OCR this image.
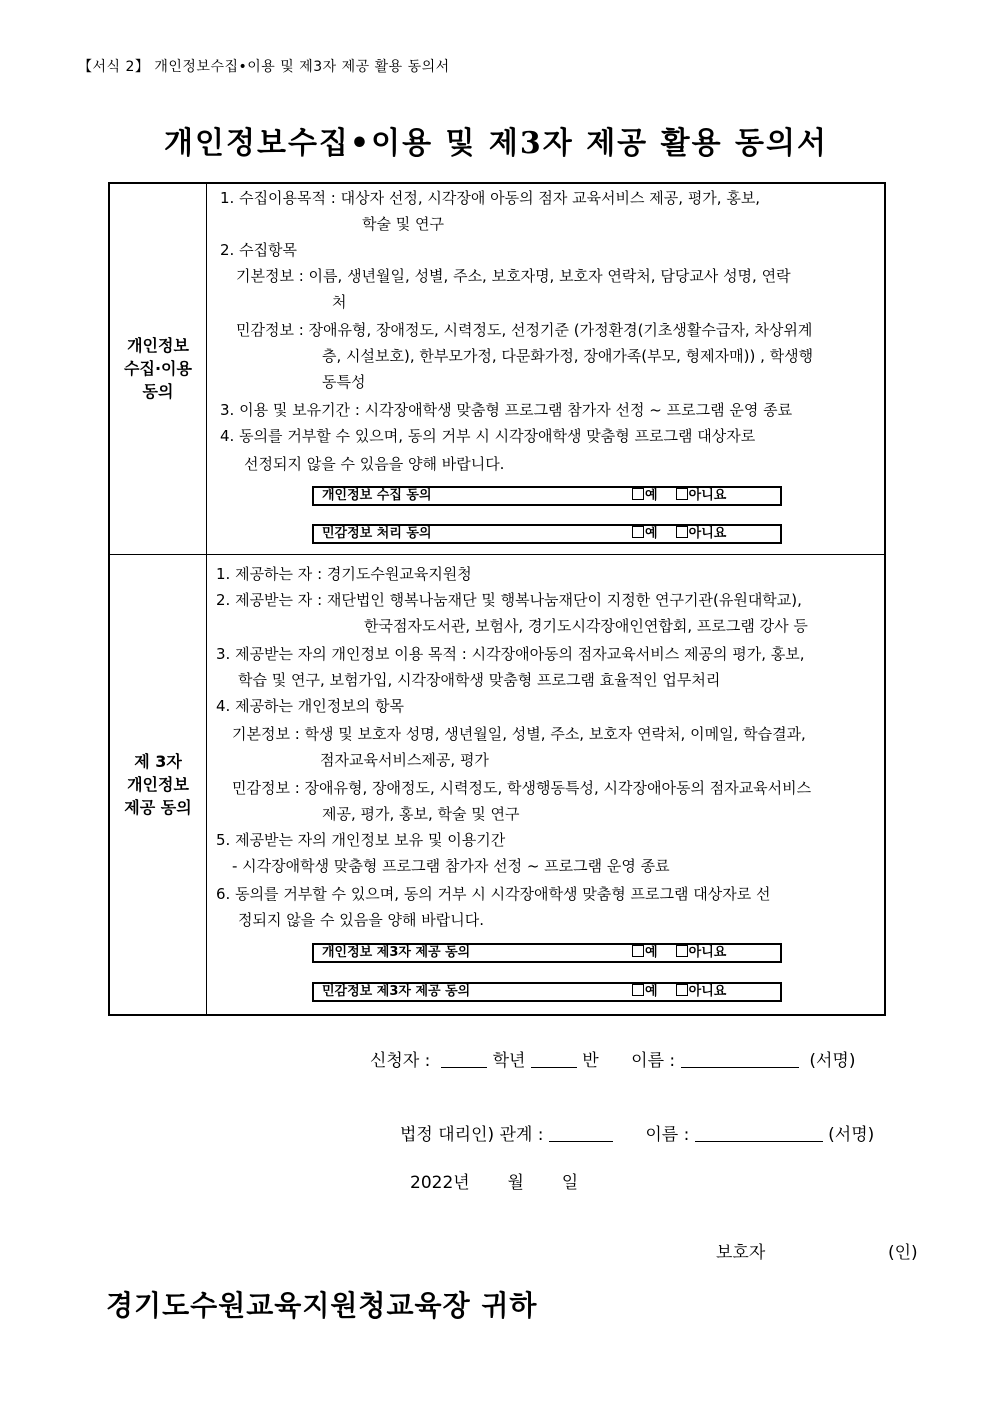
【서식 2】 개인정보수집•이용 및 제3자 제공 활용 동의서
개인정보수집•이용 및 제3자 제공 활용 동의서
개인정보
수집·이용
동의
1. 수집이용목적 : 대상자 선정, 시각장애 아동의 점자 교육서비스 제공, 평가, 홍보,
학술 및 연구
2. 수집항목
기본정보 : 이름, 생년월일, 성별, 주소, 보호자명, 보호자 연락처, 담당교사 성명, 연락
처
민감정보 : 장애유형, 장애정도, 시력정도, 선정기준 (가정환경(기초생활수급자, 차상위계
층, 시설보호), 한부모가정, 다문화가정, 장애가족(부모, 형제자매)) , 학생행
동특성
3. 이용 및 보유기간 : 시각장애학생 맞춤형 프로그램 참가자 선정 ~ 프로그램 운영 종료
4. 동의를 거부할 수 있으며, 동의 거부 시 시각장애학생 맞춤형 프로그램 대상자로
선정되지 않을 수 있음을 양해 바랍니다.
개인정보 수집 동의	예 아니요
민감정보 처리 동의	예 아니요
제 3자
개인정보
제공 동의
1. 제공하는 자 : 경기도수원교육지원청
2. 제공받는 자 : 재단법인 행복나눔재단 및 행복나눔재단이 지정한 연구기관(유원대학교),
한국점자도서관, 보험사, 경기도시각장애인연합회, 프로그램 강사 등
3. 제공받는 자의 개인정보 이용 목적 : 시각장애아동의 점자교육서비스 제공의 평가, 홍보,
학습 및 연구, 보험가입, 시각장애학생 맞춤형 프로그램 효율적인 업무처리
4. 제공하는 개인정보의 항목
기본정보 : 학생 및 보호자 성명, 생년월일, 성별, 주소, 보호자 연락처, 이메일, 학습결과,
점자교육서비스제공, 평가
민감정보 : 장애유형, 장애정도, 시력정도, 학생행동특성, 시각장애아동의 점자교육서비스
제공, 평가, 홍보, 학술 및 연구
5. 제공받는 자의 개인정보 보유 및 이용기간
- 시각장애학생 맞춤형 프로그램 참가자 선정 ~ 프로그램 운영 종료
6. 동의를 거부할 수 있으며, 동의 거부 시 시각장애학생 맞춤형 프로그램 대상자로 선
정되지 않을 수 있음을 양해 바랍니다.
개인정보 제3자 제공 동의	예 아니요
민감정보 제3자 제공 동의	예 아니요
신청자 :	학년	반 이름 :	(서명)
법정 대리인) 관계 :	이름 :	(서명)
2022년 월 일
보호자	(인)
경기도수원교육지원청교육장 귀하
